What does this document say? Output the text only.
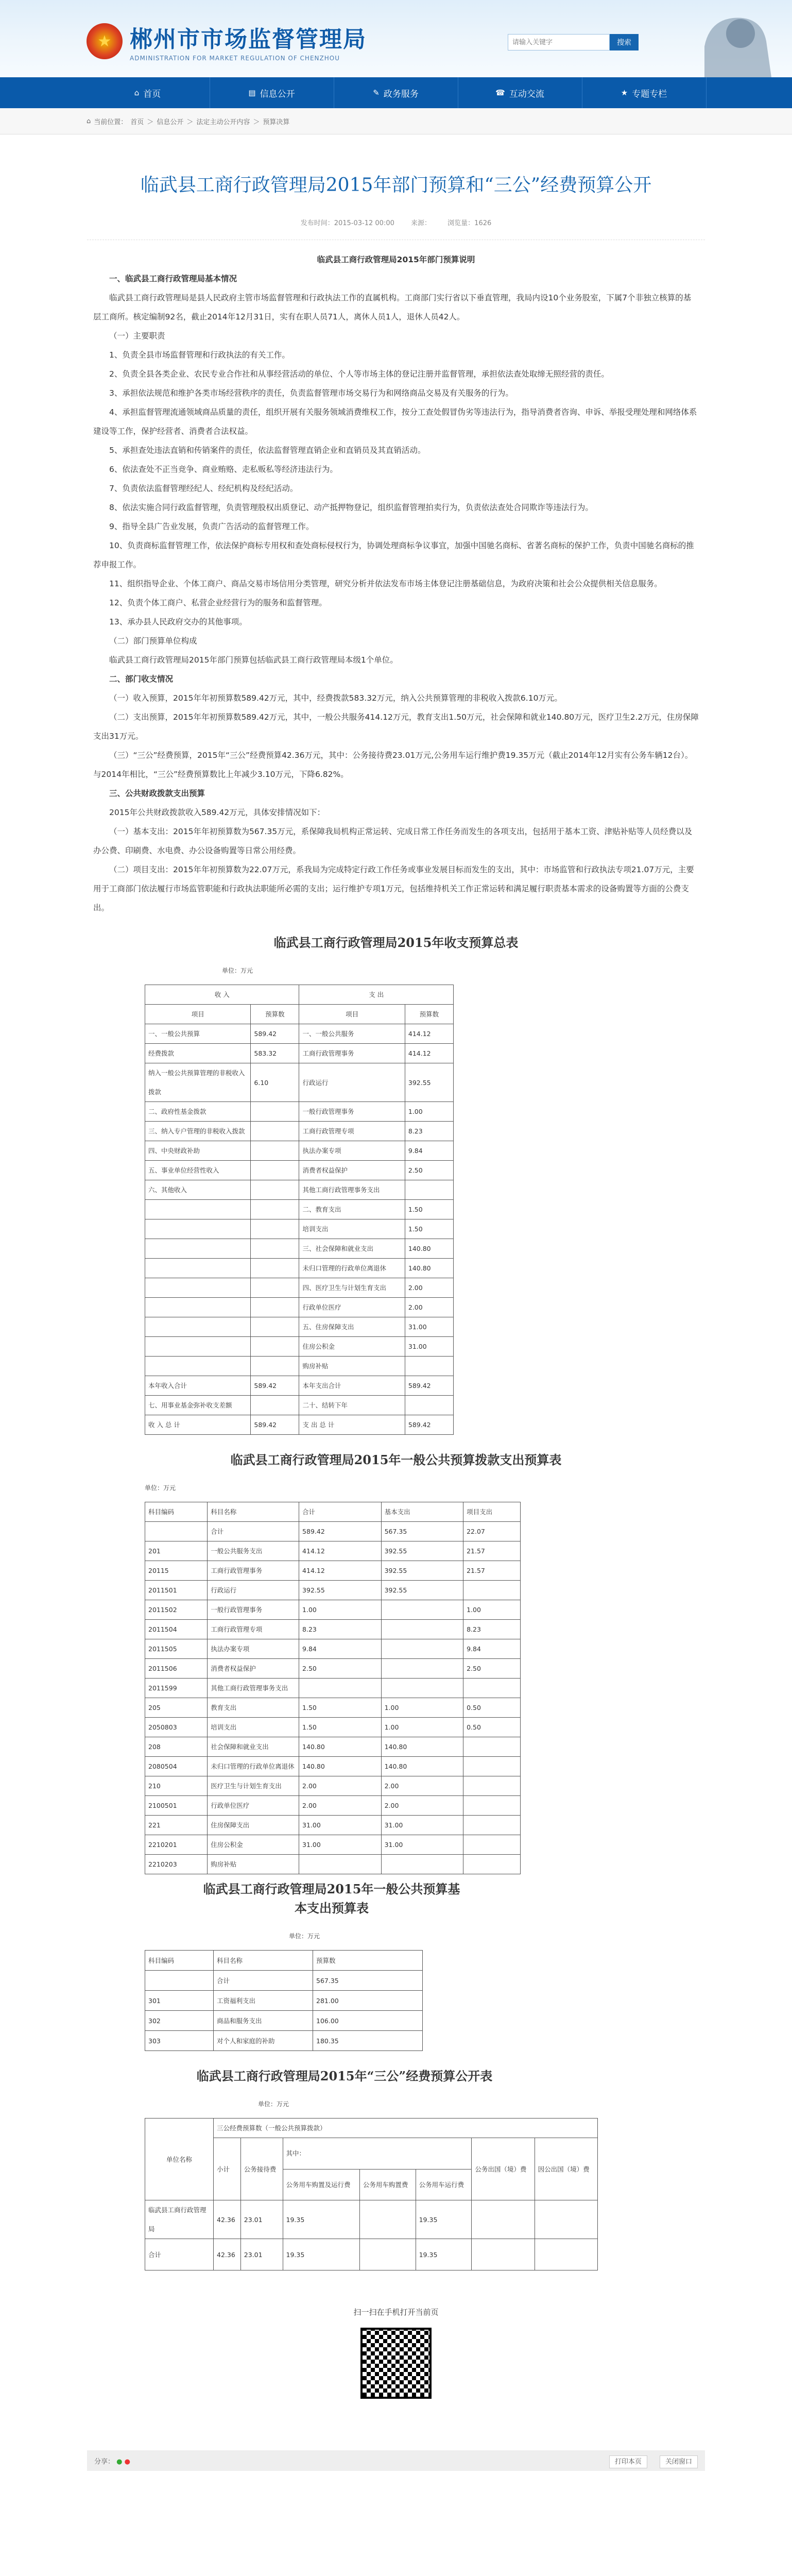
★ 郴州市市场监督管理局
ADMINISTRATION FOR MARKET REGULATION OF CHENZHOU
请输入关键字
搜索
⌂ 首页	▤ 信息公开	✎ 政务服务	☎ 互动交流	★ 专题专栏
⌂ 当前位置： 首页 ＞ 信息公开 ＞ 法定主动公开内容 ＞ 预算决算
临武县工商行政管理局2015年部门预算和“三公”经费预算公开
发布时间：2015-03-12 00:00 来源： 浏览量：1626

临武县工商行政管理局2015年部门预算说明

一、临武县工商行政管理局基本情况

临武县工商行政管理局是县人民政府主管市场监督管理和行政执法工作的直属机构。工商部门实行省以下垂直管理，我局内设10个业务股室，下属7个非独立核算的基层工商所。核定编制92名，截止2014年12月31日，实有在职人员71人，离休人员1人，退休人员42人。

（一）主要职责

1、负责全县市场监督管理和行政执法的有关工作。

2、负责全县各类企业、农民专业合作社和从事经营活动的单位、个人等市场主体的登记注册并监督管理，承担依法查处取缔无照经营的责任。

3、承担依法规范和维护各类市场经营秩序的责任，负责监督管理市场交易行为和网络商品交易及有关服务的行为。

4、承担监督管理流通领域商品质量的责任，组织开展有关服务领域消费维权工作，按分工查处假冒伪劣等违法行为，指导消费者咨询、申诉、举报受理处理和网络体系建设等工作，保护经营者、消费者合法权益。

5、承担查处违法直销和传销案件的责任，依法监督管理直销企业和直销员及其直销活动。

6、依法查处不正当竞争、商业贿赂、走私贩私等经济违法行为。

7、负责依法监督管理经纪人、经纪机构及经纪活动。

8、依法实施合同行政监督管理，负责管理股权出质登记、动产抵押物登记，组织监督管理拍卖行为，负责依法查处合同欺诈等违法行为。

9、指导全县广告业发展，负责广告活动的监督管理工作。

10、负责商标监督管理工作，依法保护商标专用权和查处商标侵权行为，协调处理商标争议事宜，加强中国驰名商标、省著名商标的保护工作，负责中国驰名商标的推荐申报工作。

11、组织指导企业、个体工商户、商品交易市场信用分类管理，研究分析并依法发布市场主体登记注册基础信息，为政府决策和社会公众提供相关信息服务。

12、负责个体工商户、私营企业经营行为的服务和监督管理。

13、承办县人民政府交办的其他事项。

（二）部门预算单位构成

临武县工商行政管理局2015年部门预算包括临武县工商行政管理局本级1个单位。

二、部门收支情况

（一）收入预算，2015年年初预算数589.42万元，其中，经费拨款583.32万元，纳入公共预算管理的非税收入拨款6.10万元。

（二）支出预算，2015年年初预算数589.42万元，其中，一般公共服务414.12万元，教育支出1.50万元，社会保障和就业140.80万元，医疗卫生2.2万元，住房保障支出31万元。

（三）“三公”经费预算，2015年“三公”经费预算42.36万元，其中：公务接待费23.01万元,公务用车运行维护费19.35万元（截止2014年12月实有公务车辆12台）。与2014年相比，“三公”经费预算数比上年减少3.10万元，下降6.82%。

三、公共财政拨款支出预算

2015年公共财政拨款收入589.42万元，具体安排情况如下：

（一）基本支出：2015年年初预算数为567.35万元，系保障我局机构正常运转、完成日常工作任务而发生的各项支出，包括用于基本工资、津贴补贴等人员经费以及办公费、印刷费、水电费、办公设备购置等日常公用经费。

（二）项目支出：2015年年初预算数为22.07万元，系我局为完成特定行政工作任务或事业发展目标而发生的支出，其中：市场监管和行政执法专项21.07万元，主要用于工商部门依法履行市场监管职能和行政执法职能所必需的支出；运行维护专项1万元，包括维持机关工作正常运转和满足履行职责基本需求的设备购置等方面的公费支出。

临武县工商行政管理局2015年收支预算总表
单位：万元
收 入		支 出	
项目	预算数	项目	预算数
一、一般公共预算	589.42	一、一般公共服务	414.12
经费拨款	583.32	工商行政管理事务	414.12
纳入一般公共预算管理的非税收入拨款	6.10	行政运行	392.55
二、政府性基金拨款		一般行政管理事务	1.00
三、纳入专户管理的非税收入拨款		工商行政管理专项	8.23
四、中央财政补助		执法办案专项	9.84
五、事业单位经营性收入		消费者权益保护	2.50
六、其他收入		其他工商行政管理事务支出	
		二、教育支出	1.50
		培训支出	1.50
		三、社会保障和就业支出	140.80
		未归口管理的行政单位离退休	140.80
		四、医疗卫生与计划生育支出	2.00
		行政单位医疗	2.00
		五、住房保障支出	31.00
		住房公积金	31.00
		购房补贴	
本年收入合计	589.42	本年支出合计	589.42
七、用事业基金弥补收支差额		二十、结转下年	
收 入 总 计	589.42	支 出 总 计	589.42
临武县工商行政管理局2015年一般公共预算拨款支出预算表
单位：万元
科目编码	科目名称	合计	基本支出	项目支出
	合计	589.42	567.35	22.07
201	一般公共服务支出	414.12	392.55	21.57
20115	工商行政管理事务	414.12	392.55	21.57
2011501	行政运行	392.55	392.55	
2011502	一般行政管理事务	1.00		1.00
2011504	工商行政管理专项	8.23		8.23
2011505	执法办案专项	9.84		9.84
2011506	消费者权益保护	2.50		2.50
2011599	其他工商行政管理事务支出			
205	教育支出	1.50	1.00	0.50
2050803	培训支出	1.50	1.00	0.50
208	社会保障和就业支出	140.80	140.80	
2080504	未归口管理的行政单位离退休	140.80	140.80	
210	医疗卫生与计划生育支出	2.00	2.00	
2100501	行政单位医疗	2.00	2.00	
221	住房保障支出	31.00	31.00	
2210201	住房公积金	31.00	31.00	
2210203	购房补贴			
临武县工商行政管理局2015年一般公共预算基
本支出预算表
单位：万元
科目编码	科目名称	预算数
	合计	567.35
301	工资福利支出	281.00
302	商品和服务支出	106.00
303	对个人和家庭的补助	180.35
临武县工商行政管理局2015年“三公”经费预算公开表
单位：万元
单位名称	三公经费预算数（一般公共预算拨款）						
	小计	公务接待费	其中：			公务出国（境）费	因公出国（境）费
			公务用车购置及运行费	公务用车购置费	公务用车运行费		
临武县工商行政管理局	42.36	23.01	19.35		19.35		
合计	42.36	23.01	19.35		19.35		
扫一扫在手机打开当前页
分享： ● ●	打印本页	关闭窗口
